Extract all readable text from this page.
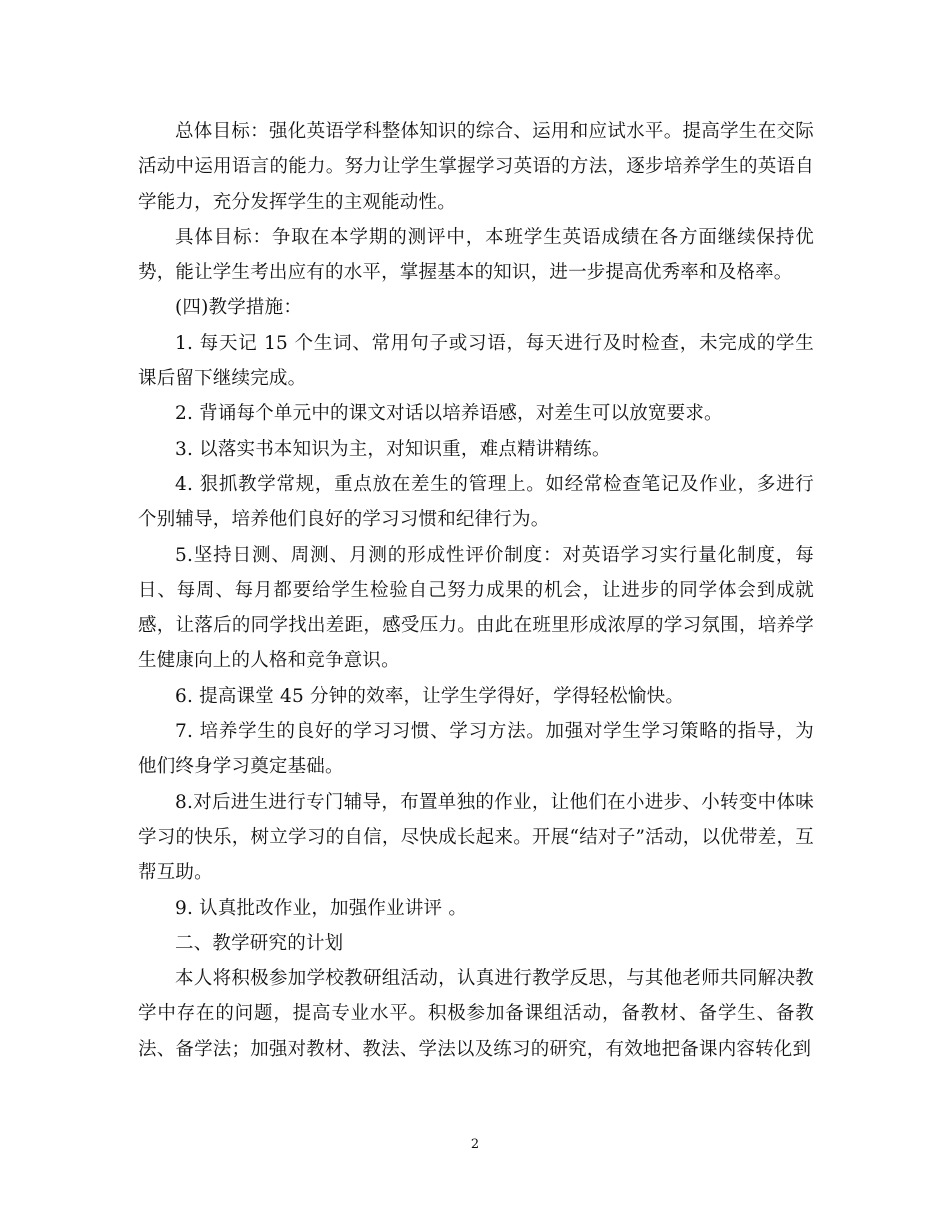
总体目标：强化英语学科整体知识的综合、运用和应试水平。提高学生在交际活动中运用语言的能力。努力让学生掌握学习英语的方法，逐步培养学生的英语自学能力，充分发挥学生的主观能动性。

具体目标：争取在本学期的测评中，本班学生英语成绩在各方面继续保持优势，能让学生考出应有的水平，掌握基本的知识，进一步提高优秀率和及格率。

(四)教学措施：

1. 每天记 15 个生词、常用句子或习语，每天进行及时检查，未完成的学生课后留下继续完成。

2. 背诵每个单元中的课文对话以培养语感，对差生可以放宽要求。

3. 以落实书本知识为主，对知识重，难点精讲精练。

4. 狠抓教学常规，重点放在差生的管理上。如经常检查笔记及作业，多进行个别辅导，培养他们良好的学习习惯和纪律行为。

5.坚持日测、周测、月测的形成性评价制度：对英语学习实行量化制度，每日、每周、每月都要给学生检验自己努力成果的机会，让进步的同学体会到成就感，让落后的同学找出差距，感受压力。由此在班里形成浓厚的学习氛围，培养学生健康向上的人格和竞争意识。

6. 提高课堂 45 分钟的效率，让学生学得好，学得轻松愉快。

7. 培养学生的良好的学习习惯、学习方法。加强对学生学习策略的指导，为他们终身学习奠定基础。

8.对后进生进行专门辅导，布置单独的作业，让他们在小进步、小转变中体味学习的快乐，树立学习的自信，尽快成长起来。开展“结对子”活动，以优带差，互帮互助。

9. 认真批改作业，加强作业讲评 。

二、教学研究的计划

本人将积极参加学校教研组活动，认真进行教学反思，与其他老师共同解决教学中存在的问题，提高专业水平。积极参加备课组活动，备教材、备学生、备教法、备学法；加强对教材、教法、学法以及练习的研究，有效地把备课内容转化到

2
